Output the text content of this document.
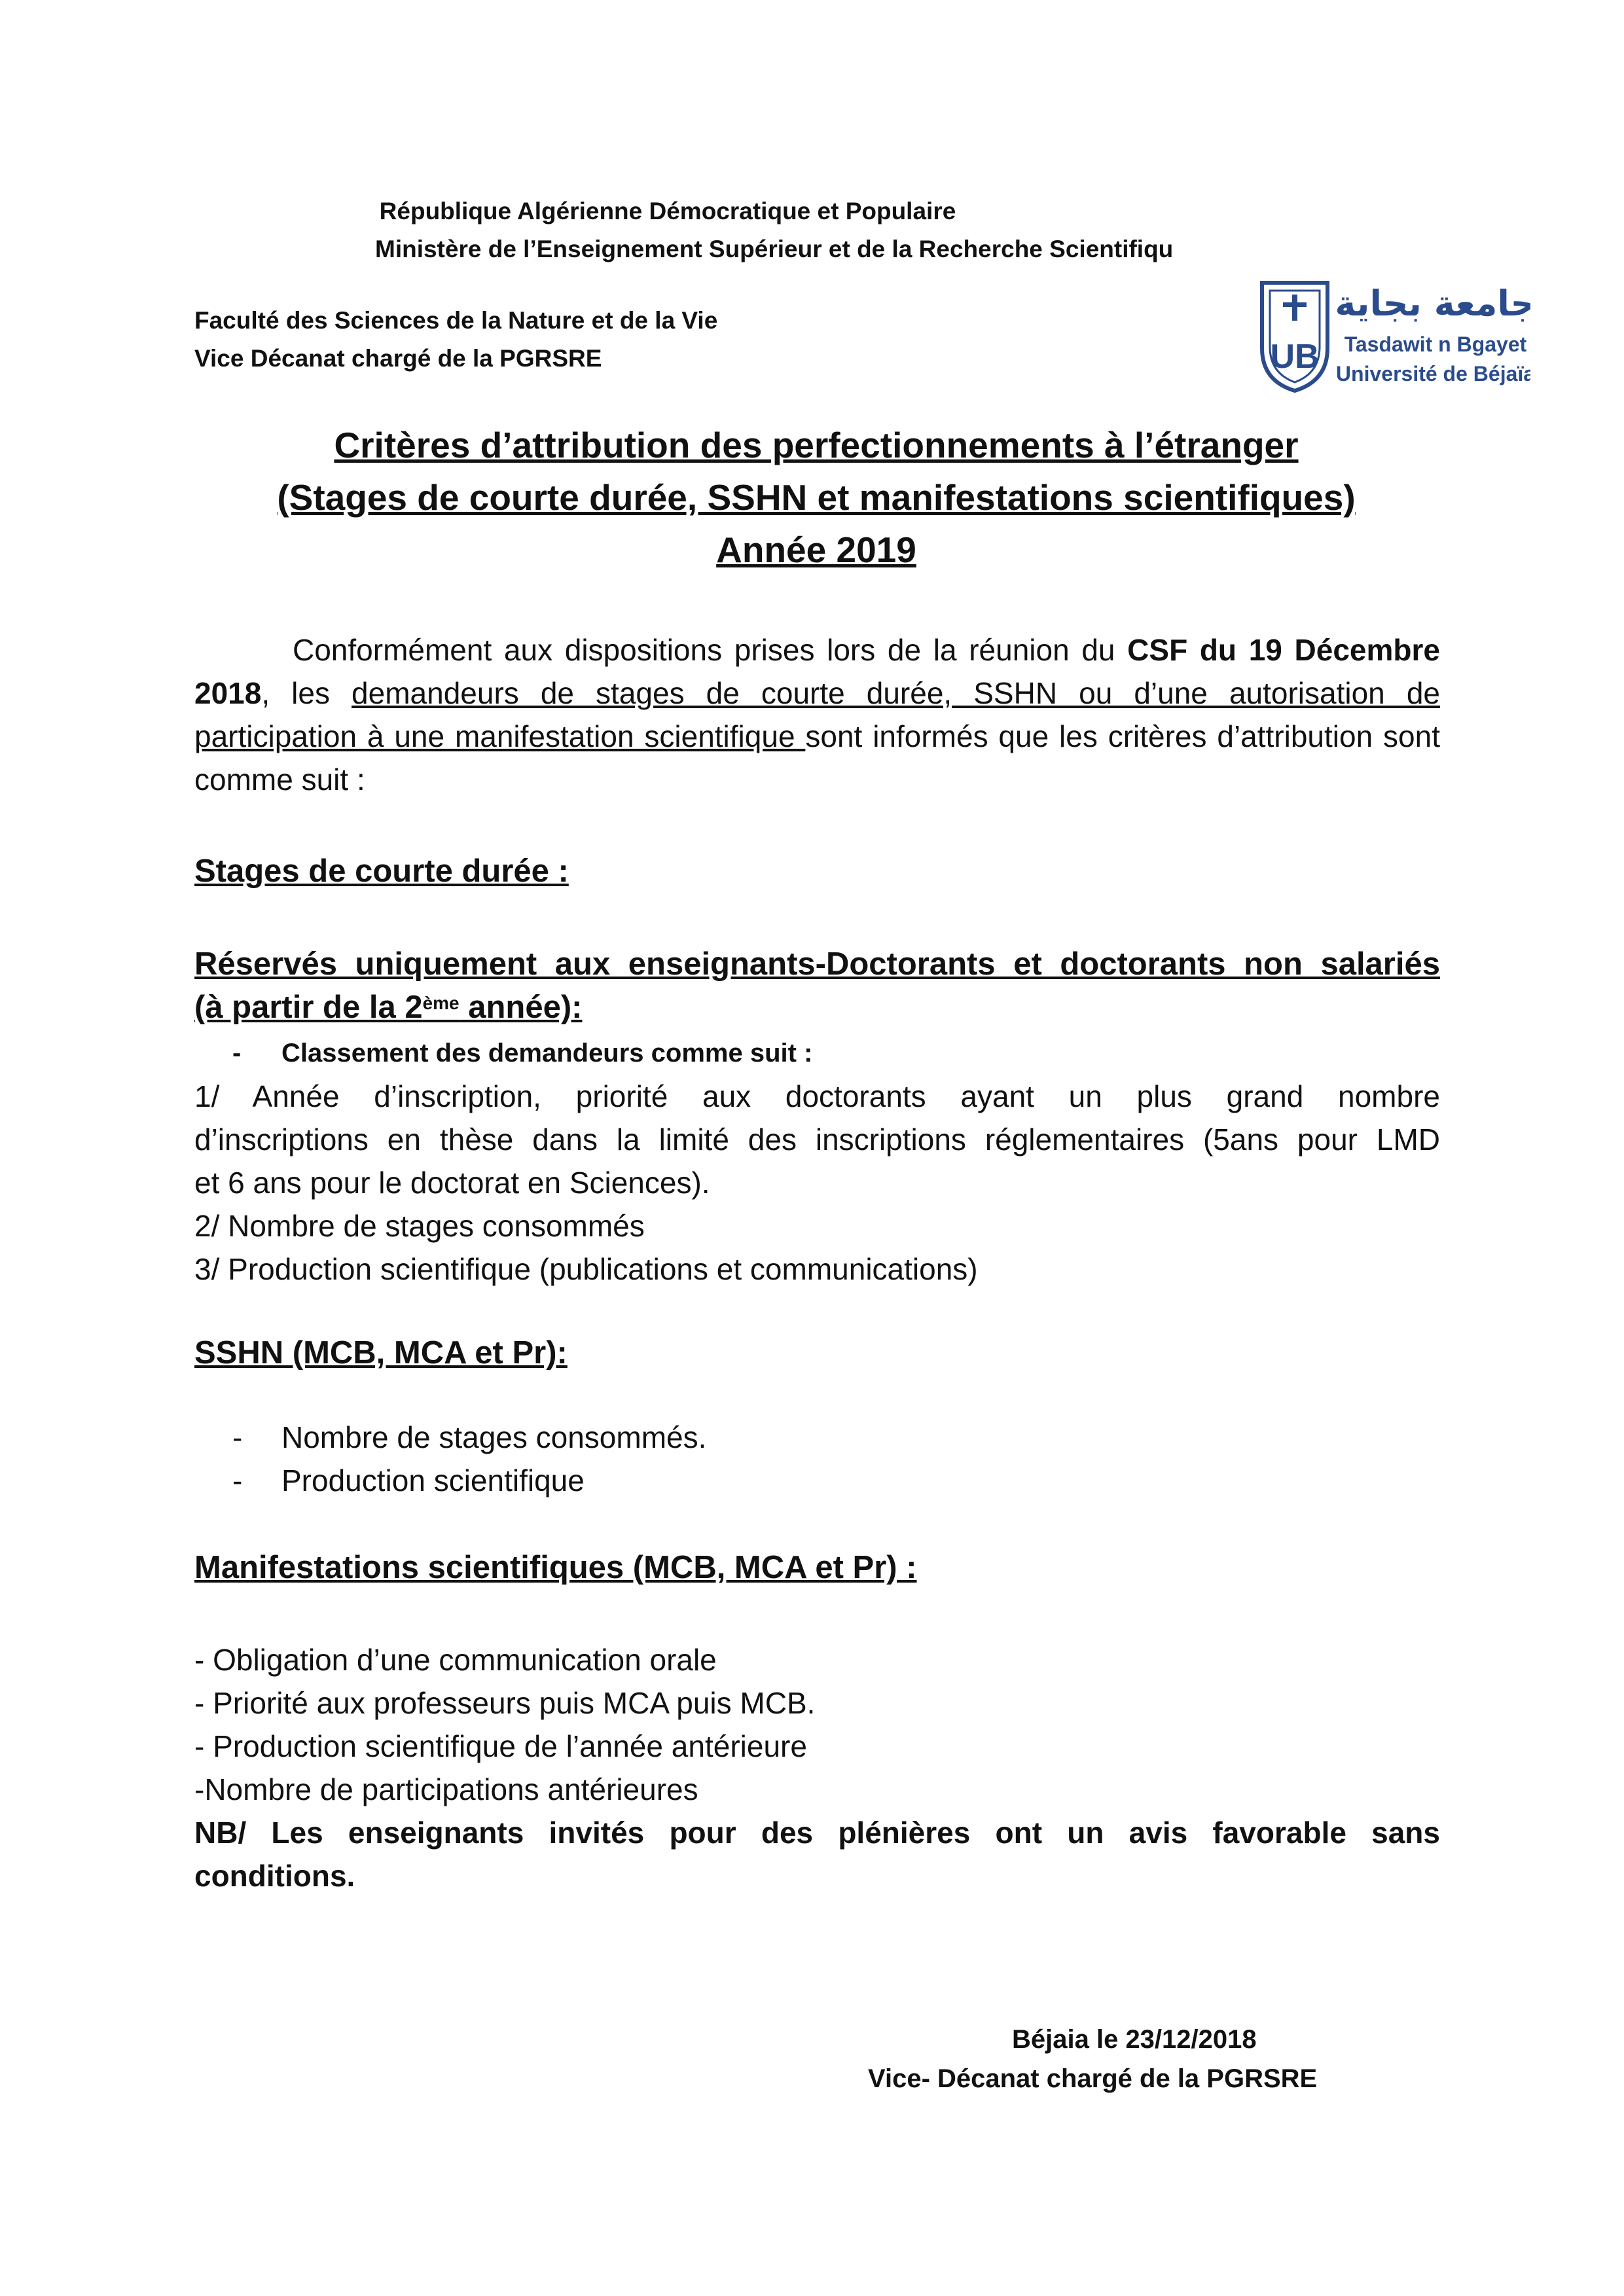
République Algérienne Démocratique et Populaire
Ministère de l’Enseignement Supérieur et de la Recherche Scientifiqu
Faculté des Sciences de la Nature et de la Vie
Vice Décanat chargé de la PGRSRE	UB
جامعة بجاية
Tasdawit n Bgayet
Université de Béjaïa
Critères d’attribution des perfectionnements à l’étranger
(Stages de courte durée, SSHN et manifestations scientifiques)
Année 2019
Conformément aux dispositions prises lors de la réunion du CSF du 19 Décembre 2018, les demandeurs de stages de courte durée, SSHN ou d’une autorisation de participation à une manifestation scientifique sont informés que les critères d’attribution sont comme suit :
Stages de courte durée :
Réservés uniquement aux enseignants-Doctorants et doctorants non salariés
(à partir de la 2ème année):
- Classement des demandeurs comme suit :
1/ Année d’inscription, priorité aux doctorants ayant un plus grand nombre
d’inscriptions en thèse dans la limité des inscriptions réglementaires (5ans pour LMD
et 6 ans pour le doctorat en Sciences).
2/ Nombre de stages consommés
3/ Production scientifique (publications et communications)
SSHN (MCB, MCA et Pr):
- Nombre de stages consommés.
- Production scientifique
Manifestations scientifiques (MCB, MCA et Pr) :
- Obligation d’une communication orale
- Priorité aux professeurs puis MCA puis MCB.
- Production scientifique de l’année antérieure
-Nombre de participations antérieures
NB/ Les enseignants invités pour des plénières ont un avis favorable sans
conditions.
Béjaia le 23/12/2018
Vice- Décanat chargé de la PGRSRE
